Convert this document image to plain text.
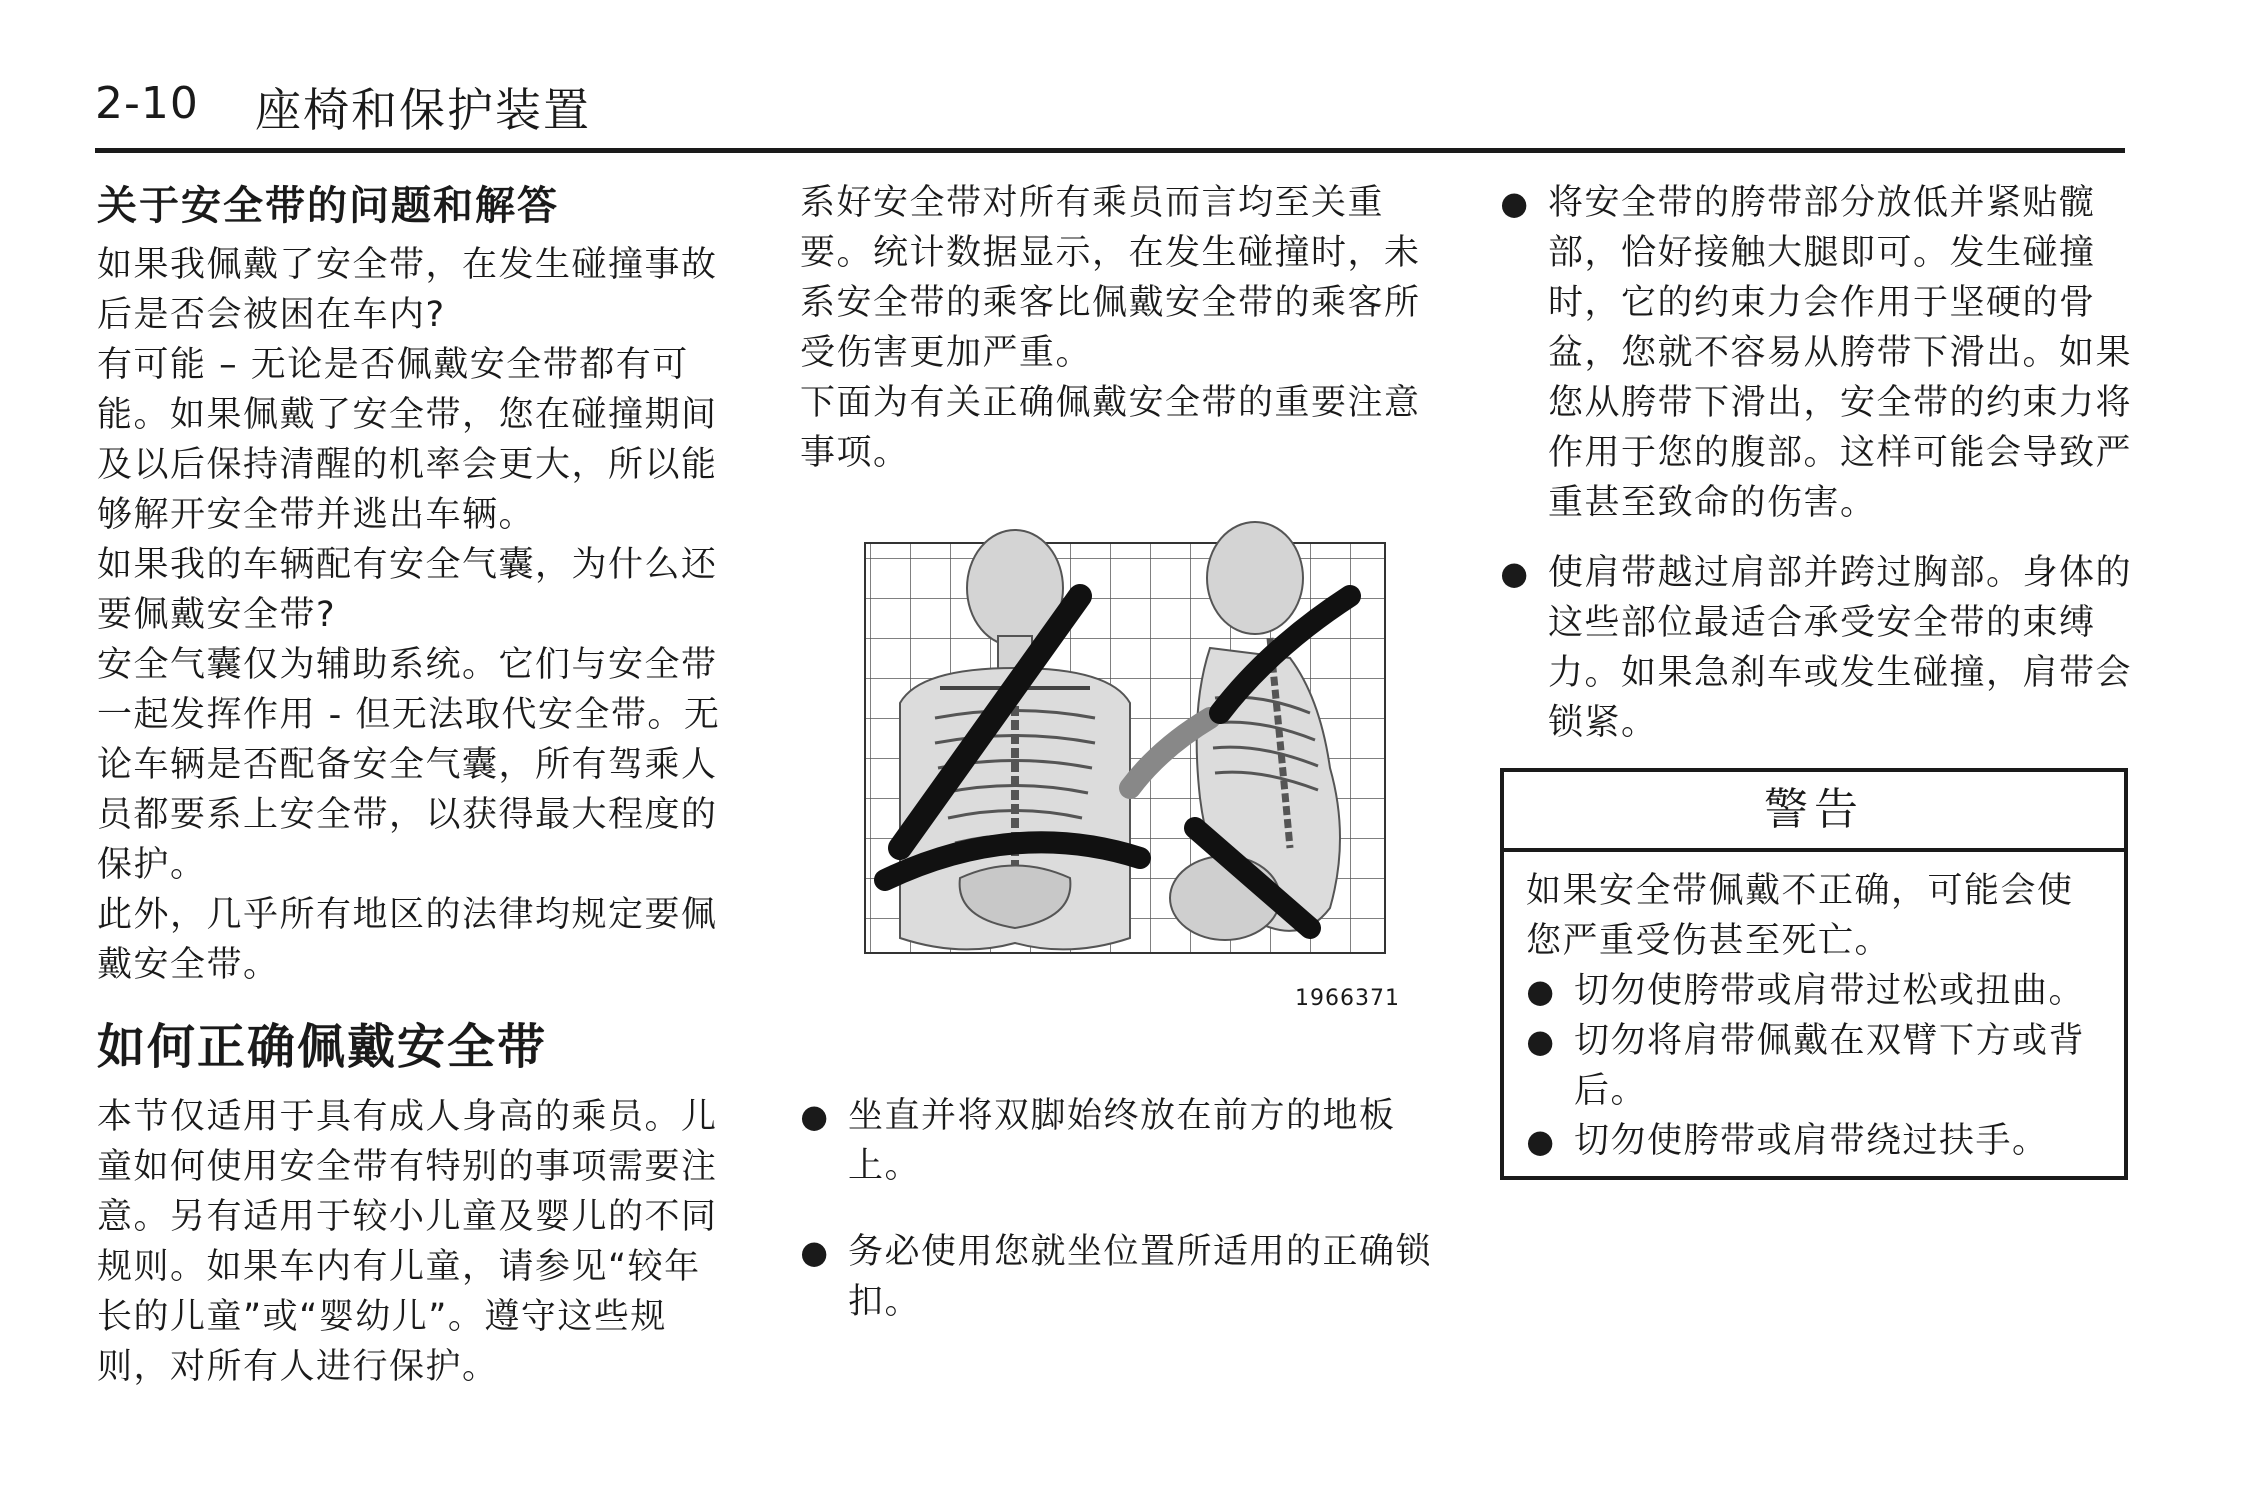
2-10 座椅和保护装置
关于安全带的问题和解答

如果我佩戴了安全带，在发生碰撞事故后是否会被困在车内?

有可能 – 无论是否佩戴安全带都有可能。如果佩戴了安全带，您在碰撞期间及以后保持清醒的机率会更大，所以能够解开安全带并逃出车辆。

如果我的车辆配有安全气囊，为什么还要佩戴安全带?

安全气囊仅为辅助系统。它们与安全带 一起发挥作用 - 但无法取代安全带。无论车辆是否配备安全气囊，所有驾乘人员都要系上安全带，以获得最大程度的保护。

此外，几乎所有地区的法律均规定要佩戴安全带。

如何正确佩戴安全带

本节仅适用于具有成人身高的乘员。儿童如何使用安全带有特别的事项需要注意。另有适用于较小儿童及婴儿的不同规则。如果车内有儿童，请参见“较年长的儿童”或“婴幼儿”。遵守这些规则，对所有人进行保护。

系好安全带对所有乘员而言均至关重要。统计数据显示，在发生碰撞时，未系安全带的乘客比佩戴安全带的乘客所受伤害更加严重。

下面为有关正确佩戴安全带的重要注意事项。

1966371
● 坐直并将双脚始终放在前方的地板上。
● 务必使用您就坐位置所适用的正确锁扣。
● 将安全带的胯带部分放低并紧贴髋部，恰好接触大腿即可。发生碰撞时，它的约束力会作用于坚硬的骨盆，您就不容易从胯带下滑出。如果您从胯带下滑出，安全带的约束力将作用于您的腹部。这样可能会导致严重甚至致命的伤害。
● 使肩带越过肩部并跨过胸部。身体的这些部位最适合承受安全带的束缚力。如果急刹车或发生碰撞，肩带会锁紧。
警告

如果安全带佩戴不正确，可能会使您严重受伤甚至死亡。

● 切勿使胯带或肩带过松或扭曲。
● 切勿将肩带佩戴在双臂下方或背后。
● 切勿使胯带或肩带绕过扶手。
